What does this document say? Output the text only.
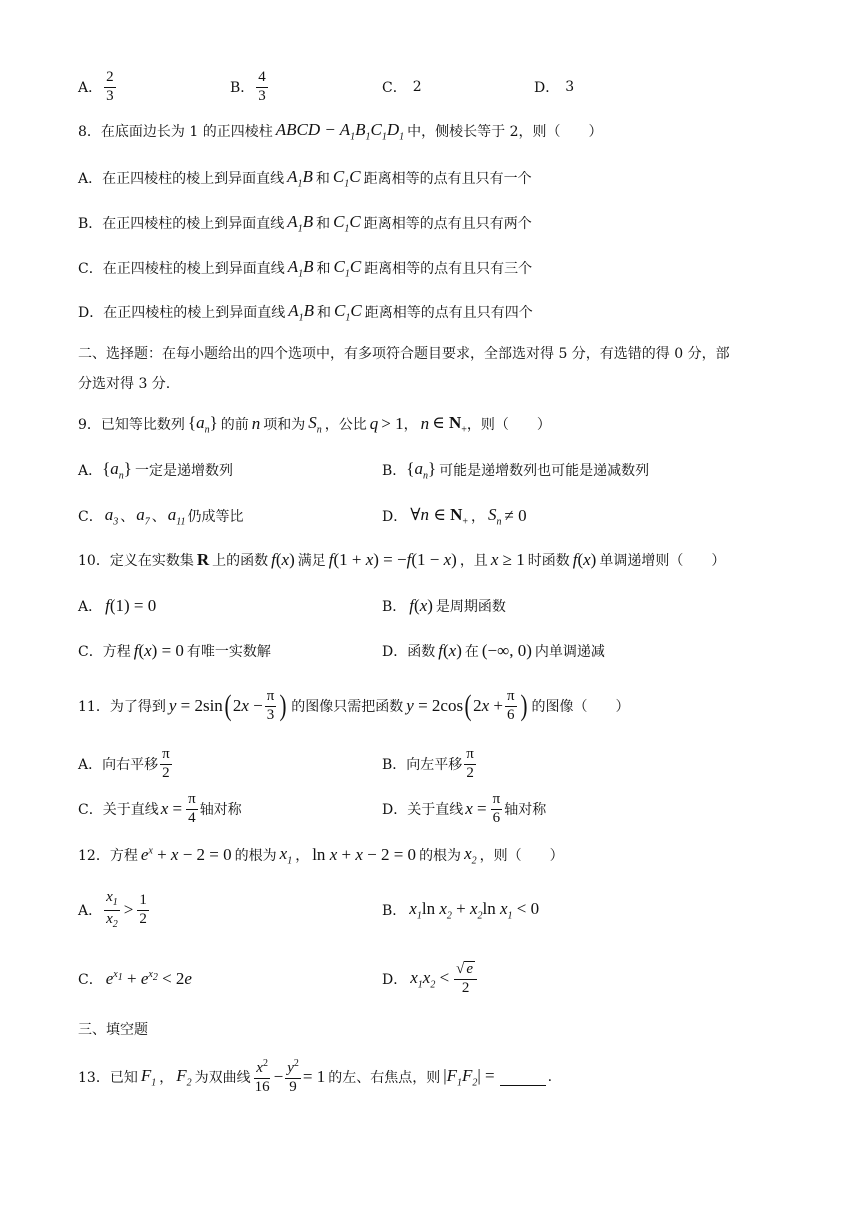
A． $\frac{2}{3}$	B． $\frac{4}{3}$	C． 2	D． 3
8．在底面边长为 1 的正四棱柱 ABCD − $A_1B_1C_1D_1$ 中，侧棱长等于 2，则（　　）
A．在正四棱柱的棱上到异面直线 $A_1B$ 和 $C_1C$ 距离相等的点有且只有一个
B．在正四棱柱的棱上到异面直线 $A_1B$ 和 $C_1C$ 距离相等的点有且只有两个
C．在正四棱柱的棱上到异面直线 $A_1B$ 和 $C_1C$ 距离相等的点有且只有三个
D．在正四棱柱的棱上到异面直线 $A_1B$ 和 $C_1C$ 距离相等的点有且只有四个
二、选择题：在每小题给出的四个选项中，有多项符合题目要求，全部选对得 5 分，有选错的得 0 分，部
分选对得 3 分.
9．已知等比数列 $\{a_n\}$ 的前 n 项和为 $S_n$ ，公比 q > 1 ， n ∈ $N_+$ ，则（　　）
A． $\{a_n\}$ 一定是递增数列	B． $\{a_n\}$ 可能是递增数列也可能是递减数列
C． $a_3$ 、 $a_7$ 、 $a_{11}$ 仍成等比	D． ∀n ∈ $N_+$ ， $S_n \ne 0$
10．定义在实数集 R 上的函数 f(x) 满足 f(1 + x) = −f(1 − x) ，且 x ≥ 1 时函数 f(x) 单调递增则（　　）
A． f(1) = 0	B． f(x) 是周期函数
C．方程 f(x) = 0 有唯一实数解	D．函数 f(x) 在 (−∞, 0) 内单调递减
11．为了得到 y = 2sin ( 2 $x - \frac{\pi}{3}$ ) 的图像只需把函数 y = 2cos ( 2 $x + \frac{\pi}{6}$ ) 的图像（　　）
A．向右平移 $\frac{\pi}{2}$	B．向左平移 $\frac{\pi}{2}$
C．关于直线 $x = \frac{\pi}{4}$ 轴对称	D．关于直线 $x = \frac{\pi}{6}$ 轴对称
12．方程 $e^x + x - 2 = 0$ 的根为 $x_1$ ， ln x + x − 2 = 0 的根为 $x_2$ ，则（　　）
A． $\frac{x_1}{x_2} > \frac{1}{2}$	B． $x_1\ln$ $x_2 + x_2\ln$ $x_1 < 0$
C． $e^{x_1} + e^{x_2} < 2e$	D． $x_1x_2 < \frac{√ e}{2}$
三、填空题
13．已知 $F_1$ ， $F_2$ 为双曲线 $\frac{x^2}{16} - \frac{y^2}{9} = 1$ 的左、右焦点，则 $|F_1F_2|$ =	.
